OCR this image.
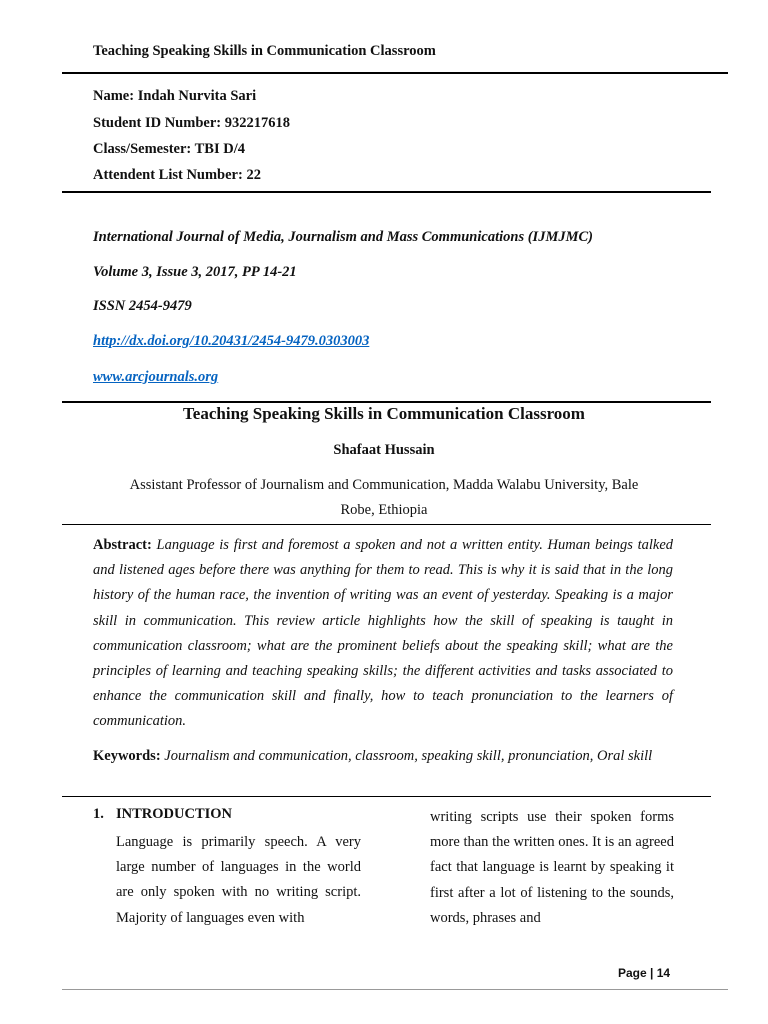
Teaching Speaking Skills in Communication Classroom
Name: Indah Nurvita Sari
Student ID Number: 932217618
Class/Semester: TBI D/4
Attendent List Number: 22
International Journal of Media, Journalism and Mass Communications (IJMJMC)
Volume 3, Issue 3, 2017, PP 14-21
ISSN 2454-9479
http://dx.doi.org/10.20431/2454-9479.0303003
www.arcjournals.org
Teaching Speaking Skills in Communication Classroom
Shafaat Hussain
Assistant Professor of Journalism and Communication, Madda Walabu University, Bale
Robe, Ethiopia
Abstract: Language is first and foremost a spoken and not a written entity. Human beings talked and listened ages before there was anything for them to read. This is why it is said that in the long history of the human race, the invention of writing was an event of yesterday. Speaking is a major skill in communication. This review article highlights how the skill of speaking is taught in communication classroom; what are the prominent beliefs about the speaking skill; what are the principles of learning and teaching speaking skills; the different activities and tasks associated to enhance the communication skill and finally, how to teach pronunciation to the learners of communication.
Keywords: Journalism and communication, classroom, speaking skill, pronunciation, Oral skill
1. INTRODUCTION
Language is primarily speech. A very large number of languages in the world are only spoken with no writing script. Majority of languages even with
writing scripts use their spoken forms more than the written ones. It is an agreed fact that language is learnt by speaking it first after a lot of listening to the sounds, words, phrases and
Page | 14
